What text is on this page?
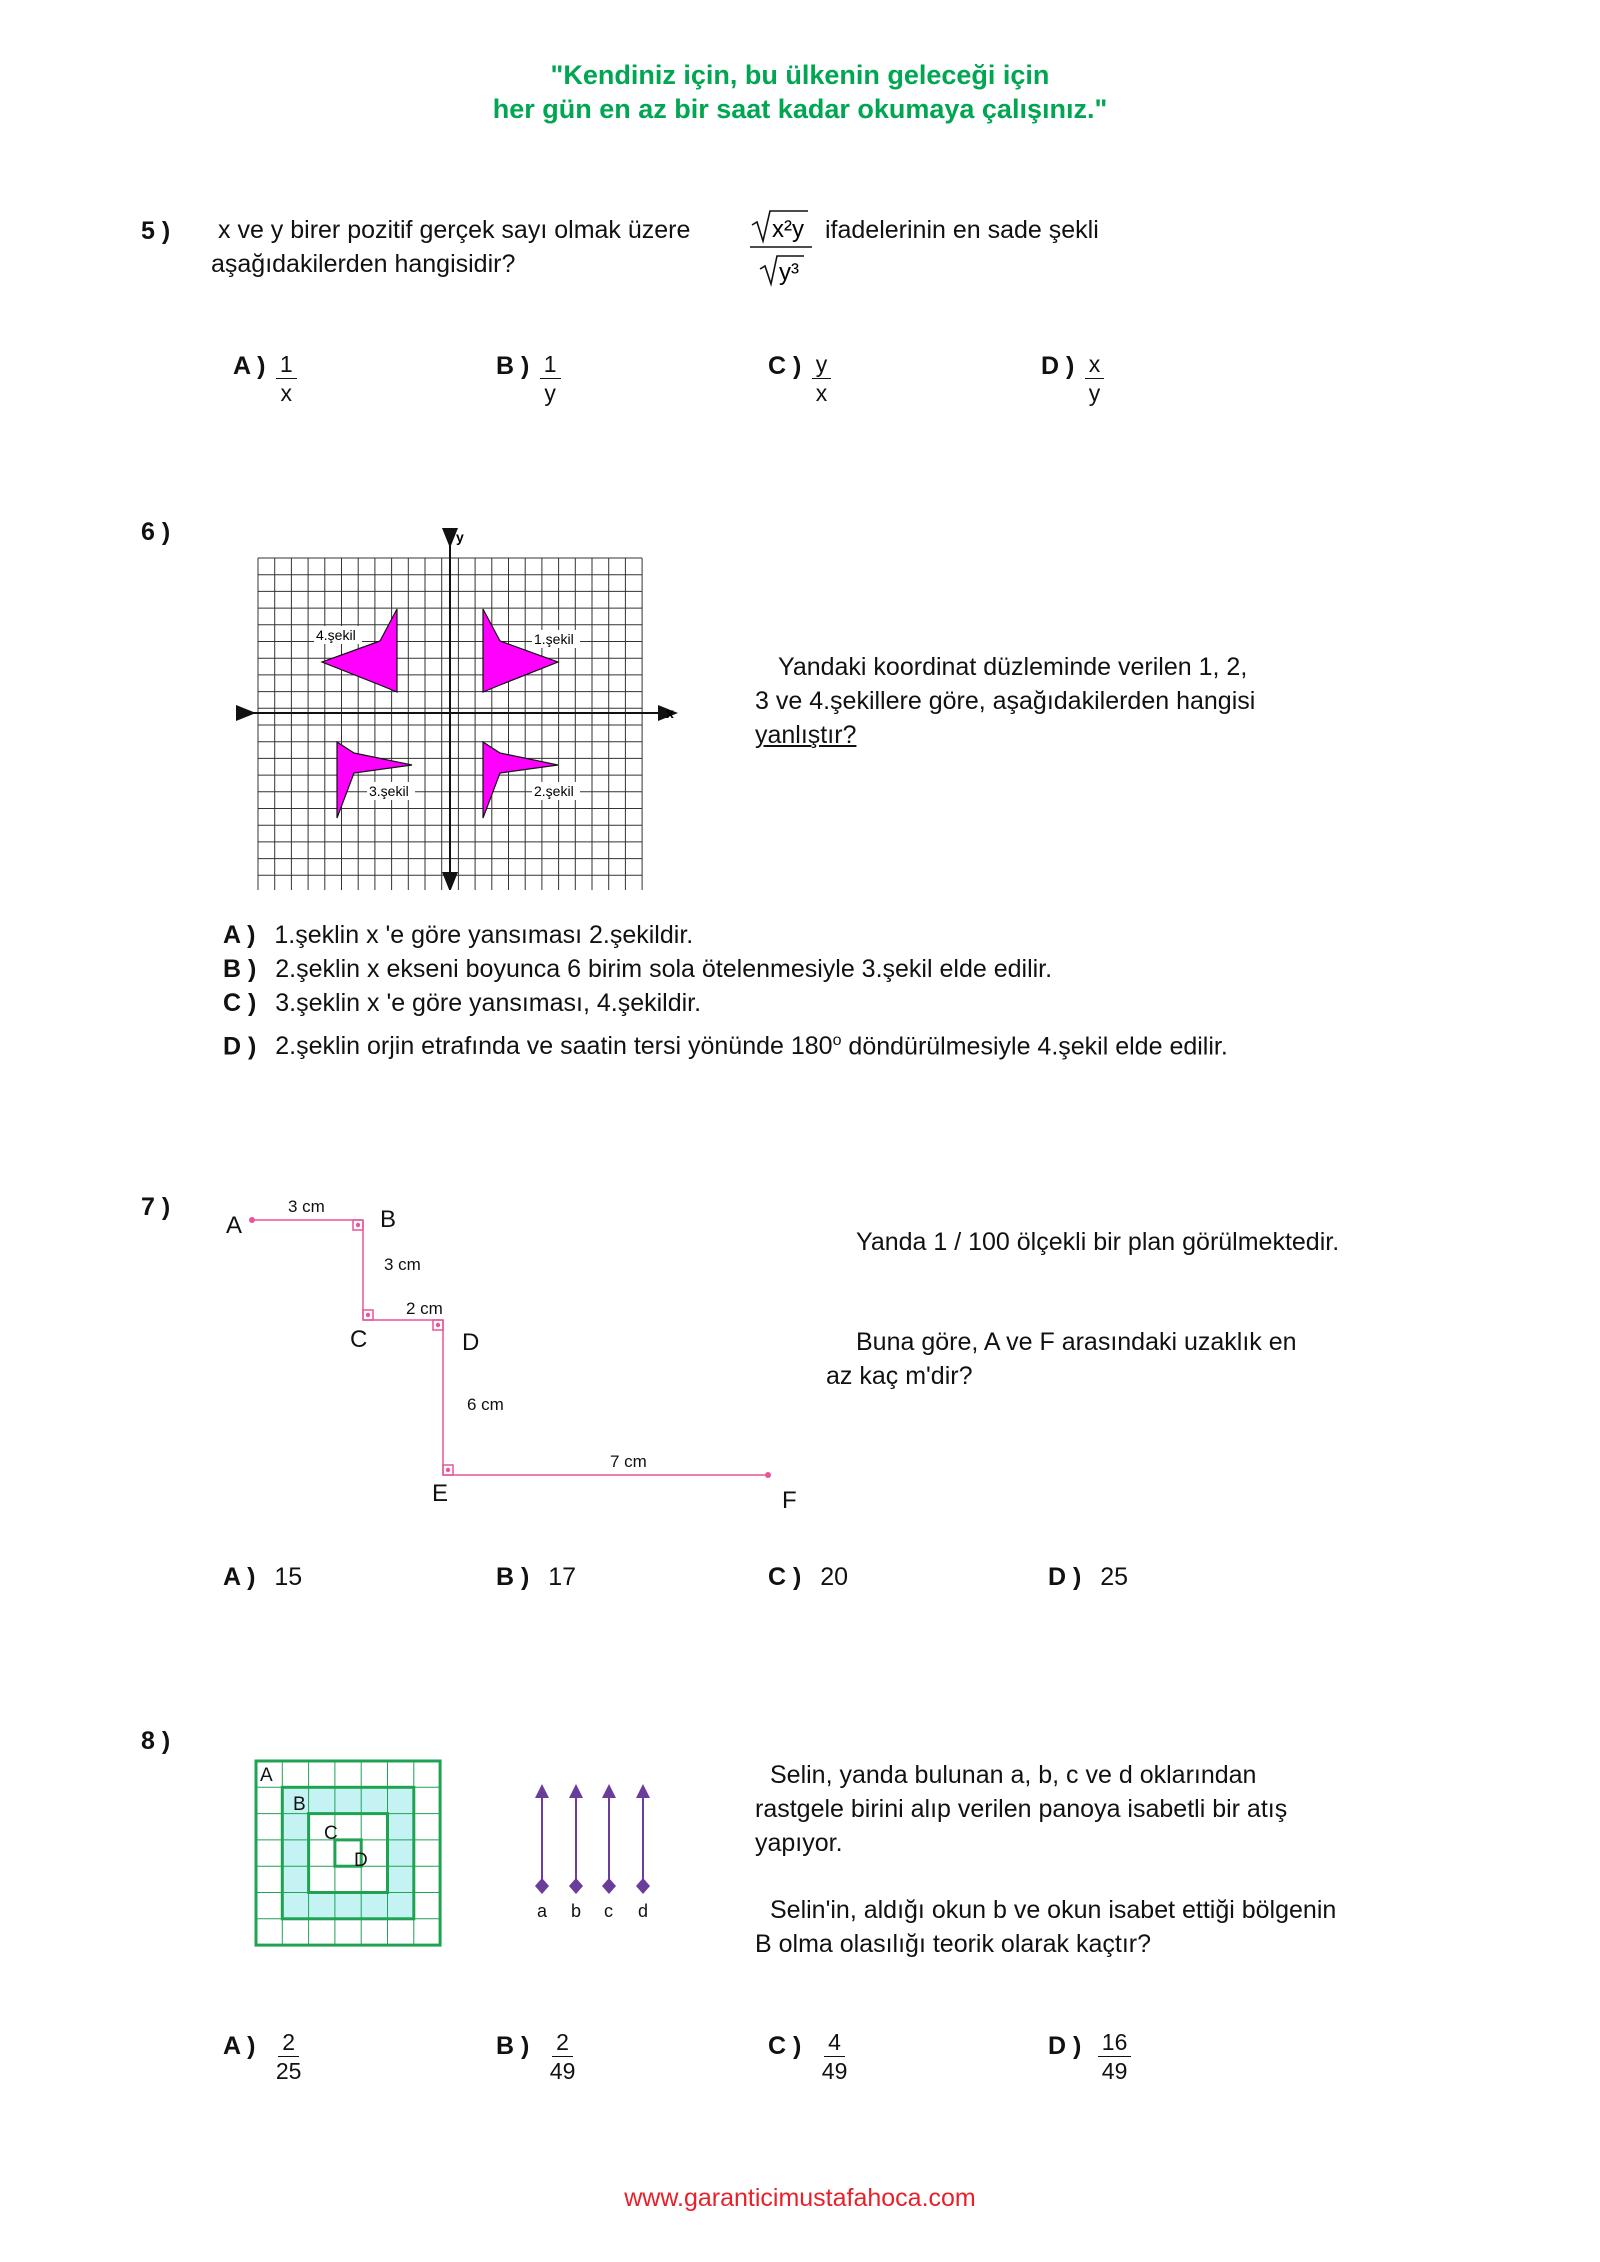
"Kendiniz için, bu ülkenin geleceği için
her gün en az bir saat kadar okumaya çalışınız."
5 ) x ve y birer pozitif gerçek sayı olmak üzere
aşağıdakilerden hangisidir?
x²y
y³
ifadelerinin en sade şekli
A ) $\frac{1}{x}$	B ) $\frac{1}{y}$	C ) $\frac{y}{x}$	D ) $\frac{x}{y}$
6 )
x
y
1.şekil
2.şekil
3.şekil
4.şekil
Yandaki koordinat düzleminde verilen 1, 2,
3 ve 4.şekillere göre, aşağıdakilerden hangisi
yanlıştır?
A ) 1.şeklin x 'e göre yansıması 2.şekildir.
B ) 2.şeklin x ekseni boyunca 6 birim sola ötelenmesiyle 3.şekil elde edilir.
C ) 3.şeklin x 'e göre yansıması, 4.şekildir.
D ) 2.şeklin orjin etrafında ve saatin tersi yönünde 180$^o$ döndürülmesiyle 4.şekil elde edilir.
7 )
A	B
C	D
E	F
3 cm
3 cm
2 cm
6 cm
7 cm
Yanda 1 / 100 ölçekli bir plan görülmektedir.
Buna göre, A ve F arasındaki uzaklık en
az kaç m'dir?
A ) 15	B ) 17	C ) 20	D ) 25
8 )
A
B
C
D
a b c d
Selin, yanda bulunan a, b, c ve d oklarından
rastgele birini alıp verilen panoya isabetli bir atış
yapıyor.
Selin'in, aldığı okun b ve okun isabet ettiği bölgenin
B olma olasılığı teorik olarak kaçtır?
A ) $\frac{2}{25}$	B ) $\frac{2}{49}$	C ) $\frac{4}{49}$	D ) $\frac{16}{49}$
www.garanticimustafahoca.com
